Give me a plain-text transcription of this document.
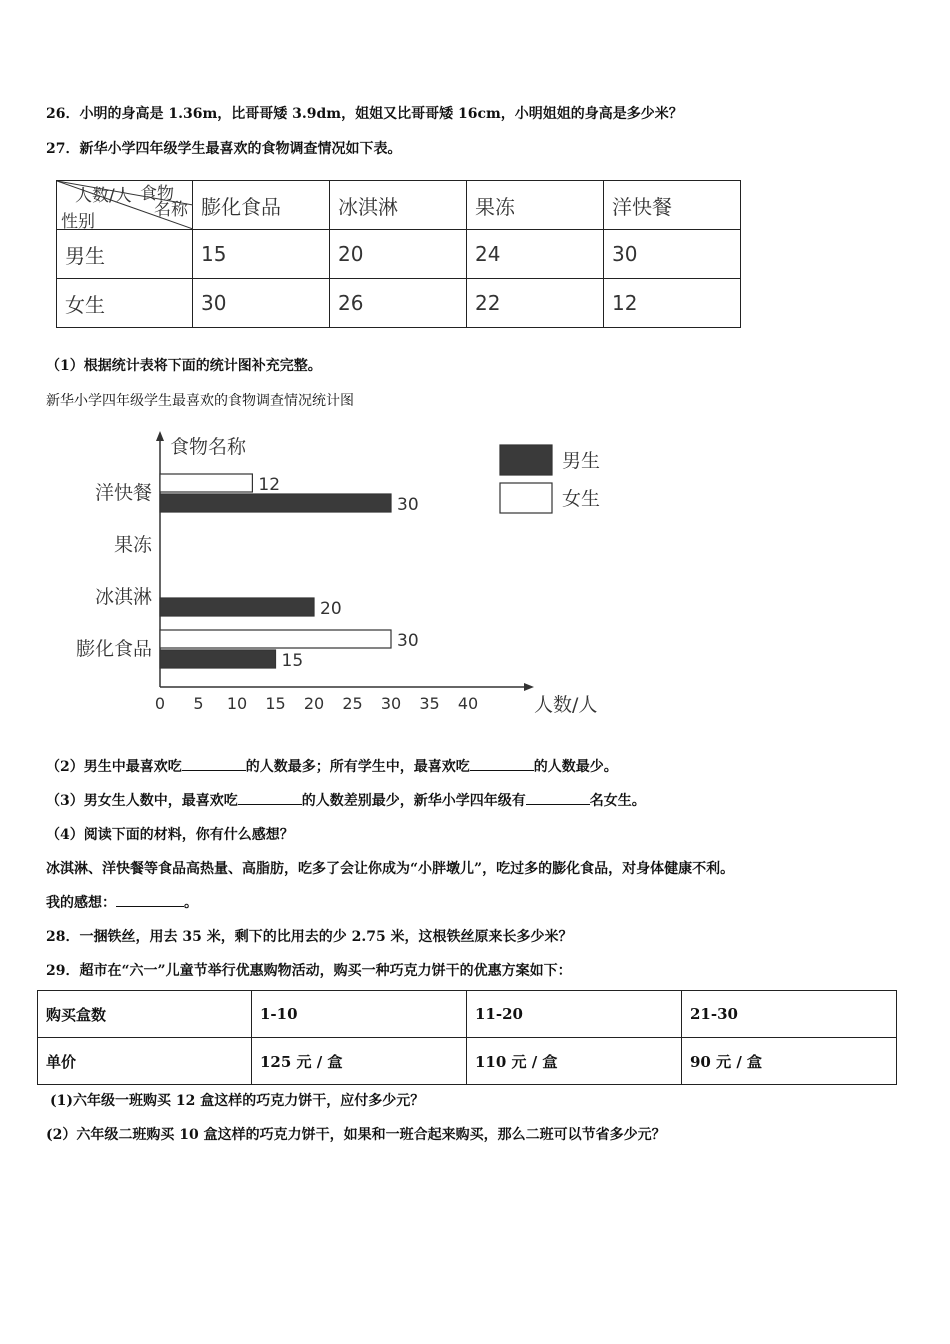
26．小明的身高是 1.36m，比哥哥矮 3.9dm，姐姐又比哥哥矮 16cm，小明姐姐的身高是多少米？
27．新华小学四年级学生最喜欢的食物调查情况如下表。
人数/人 食物
名称
性别	膨化食品	冰淇淋	果冻	洋快餐
男生	15	20	24	30
女生	30	26	22	12
（1）根据统计表将下面的统计图补充完整。
新华小学四年级学生最喜欢的食物调查情况统计图
食物名称
人数/人
0 5 10 15 20 25 30 35 40
膨化食品
15
30
冰淇淋
20
果冻
洋快餐
30
12
男生
女生
（2）男生中最喜欢吃	的人数最多；所有学生中，最喜欢吃	的人数最少。
（3）男女生人数中，最喜欢吃	的人数差别最少，新华小学四年级有	名女生。
（4）阅读下面的材料，你有什么感想？
冰淇淋、洋快餐等食品高热量、高脂肪，吃多了会让你成为“小胖墩儿”，吃过多的膨化食品，对身体健康不利。
我的感想：	。
28．一捆铁丝，用去 35 米，剩下的比用去的少 2.75 米，这根铁丝原来长多少米？
29．超市在“六一”儿童节举行优惠购物活动，购买一种巧克力饼干的优惠方案如下：
购买盒数	1-10	11-20	21-30
单价	125 元 / 盒	110 元 / 盒	90 元 / 盒
(1)六年级一班购买 12 盒这样的巧克力饼干，应付多少元？
(2）六年级二班购买 10 盒这样的巧克力饼干，如果和一班合起来购买，那么二班可以节省多少元？
